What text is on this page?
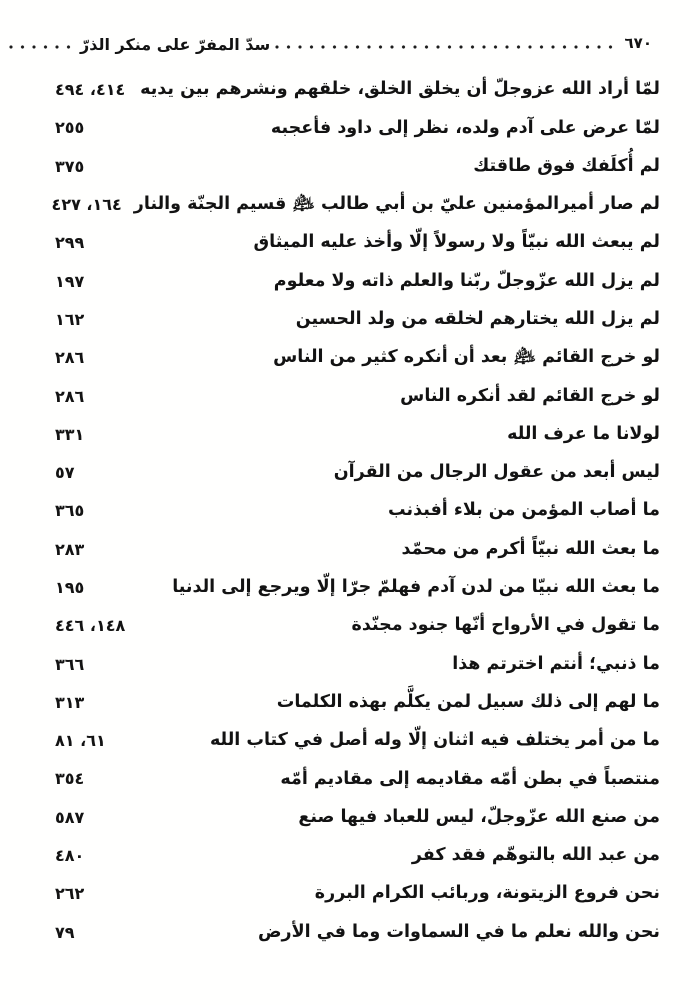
٦٧٠
سدّ المفرّ على منكر الذرّ
لمّا أراد الله عزوجلّ أن يخلق الخلق، خلقهم ونشرهم بين يديه
٤١٤، ٤٩٤
لمّا عرض على آدم ولده، نظر إلى داود فأعجبه
٢٥٥
لم أُكلَفك فوق طاقتك
٣٧٥
لم صار أميرالمؤمنين عليّ بن أبي طالب ﵇ قسيم الجنّة والنار
١٦٤، ٤٢٧
لم يبعث الله نبيّاً ولا رسولاً إلّا وأخذ عليه الميثاق
٢٩٩
لم يزل الله عزّوجلّ ربّنا والعلم ذاته ولا معلوم
١٩٧
لم يزل الله يختارهم لخلقه من ولد الحسين
١٦٢
لو خرج القائم ﵇ بعد أن أنكره كثير من الناس
٢٨٦
لو خرج القائم لقد أنكره الناس
٢٨٦
لولانا ما عرف الله
٣٣١
ليس أبعد من عقول الرجال من القرآن
٥٧
ما أصاب المؤمن من بلاء أفبذنب
٣٦٥
ما بعث الله نبيّاً أكرم من محمّد
٢٨٣
ما بعث الله نبيّا من لدن آدم فهلمّ جرّا إلّا ويرجع إلى الدنيا
١٩٥
ما تقول في الأرواح أنّها جنود مجنّدة
١٤٨، ٤٤٦
ما ذنبي؛ أنتم اخترتم هذا
٣٦٦
ما لهم إلى ذلك سبيل لمن يكلَّم بهذه الكلمات
٣١٣
ما من أمر يختلف فيه اثنان إلّا وله أصل في كتاب الله
٦١، ٨١
منتصباً في بطن أمّه مقاديمه إلى مقاديم أمّه
٣٥٤
من صنع الله عزّوجلّ، ليس للعباد فيها صنع
٥٨٧
من عبد الله بالتوهّم فقد كفر
٤٨٠
نحن فروع الزيتونة، وربائب الكرام البررة
٢٦٢
نحن والله نعلم ما في السماوات وما في الأرض
٧٩
